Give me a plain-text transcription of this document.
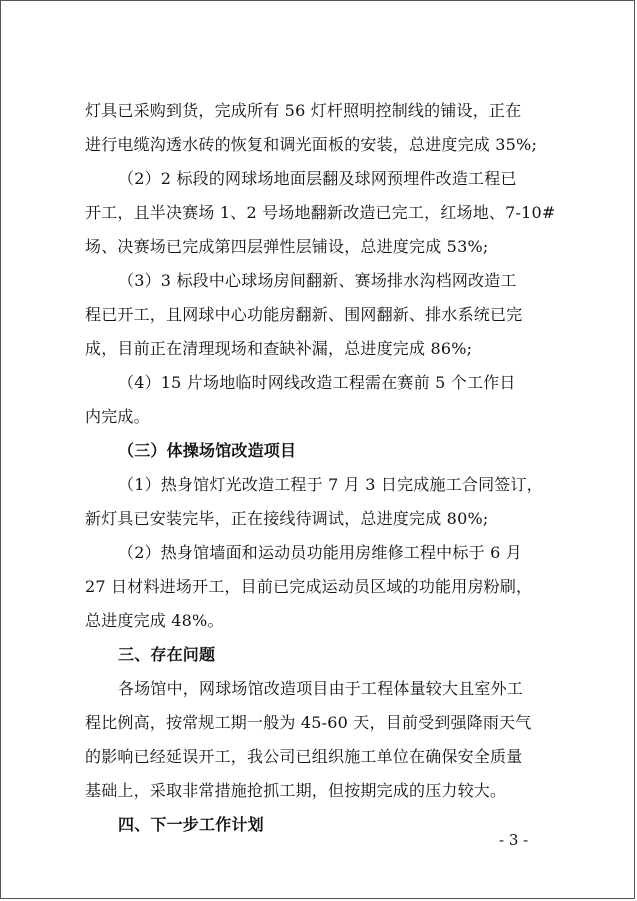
灯具已采购到货，完成所有 56 灯杆照明控制线的铺设，正在
进行电缆沟透水砖的恢复和调光面板的安装，总进度完成 35%;
（2）2 标段的网球场地面层翻及球网预埋件改造工程已
开工，且半决赛场 1、2 号场地翻新改造已完工，红场地、7-10#
场、决赛场已完成第四层弹性层铺设，总进度完成 53%;
（3）3 标段中心球场房间翻新、赛场排水沟档网改造工
程已开工，且网球中心功能房翻新、围网翻新、排水系统已完
成，目前正在清理现场和查缺补漏，总进度完成 86%;
（4）15 片场地临时网线改造工程需在赛前 5 个工作日
内完成。
（三）体操场馆改造项目
（1）热身馆灯光改造工程于 7 月 3 日完成施工合同签订，
新灯具已安装完毕，正在接线待调试，总进度完成 80%;
（2）热身馆墙面和运动员功能用房维修工程中标于 6 月
27 日材料进场开工，目前已完成运动员区域的功能用房粉刷，
总进度完成 48%。
三、存在问题
各场馆中，网球场馆改造项目由于工程体量较大且室外工
程比例高，按常规工期一般为 45-60 天，目前受到强降雨天气
的影响已经延误开工，我公司已组织施工单位在确保安全质量
基础上，采取非常措施抢抓工期，但按期完成的压力较大。
四、下一步工作计划
- 3 -
